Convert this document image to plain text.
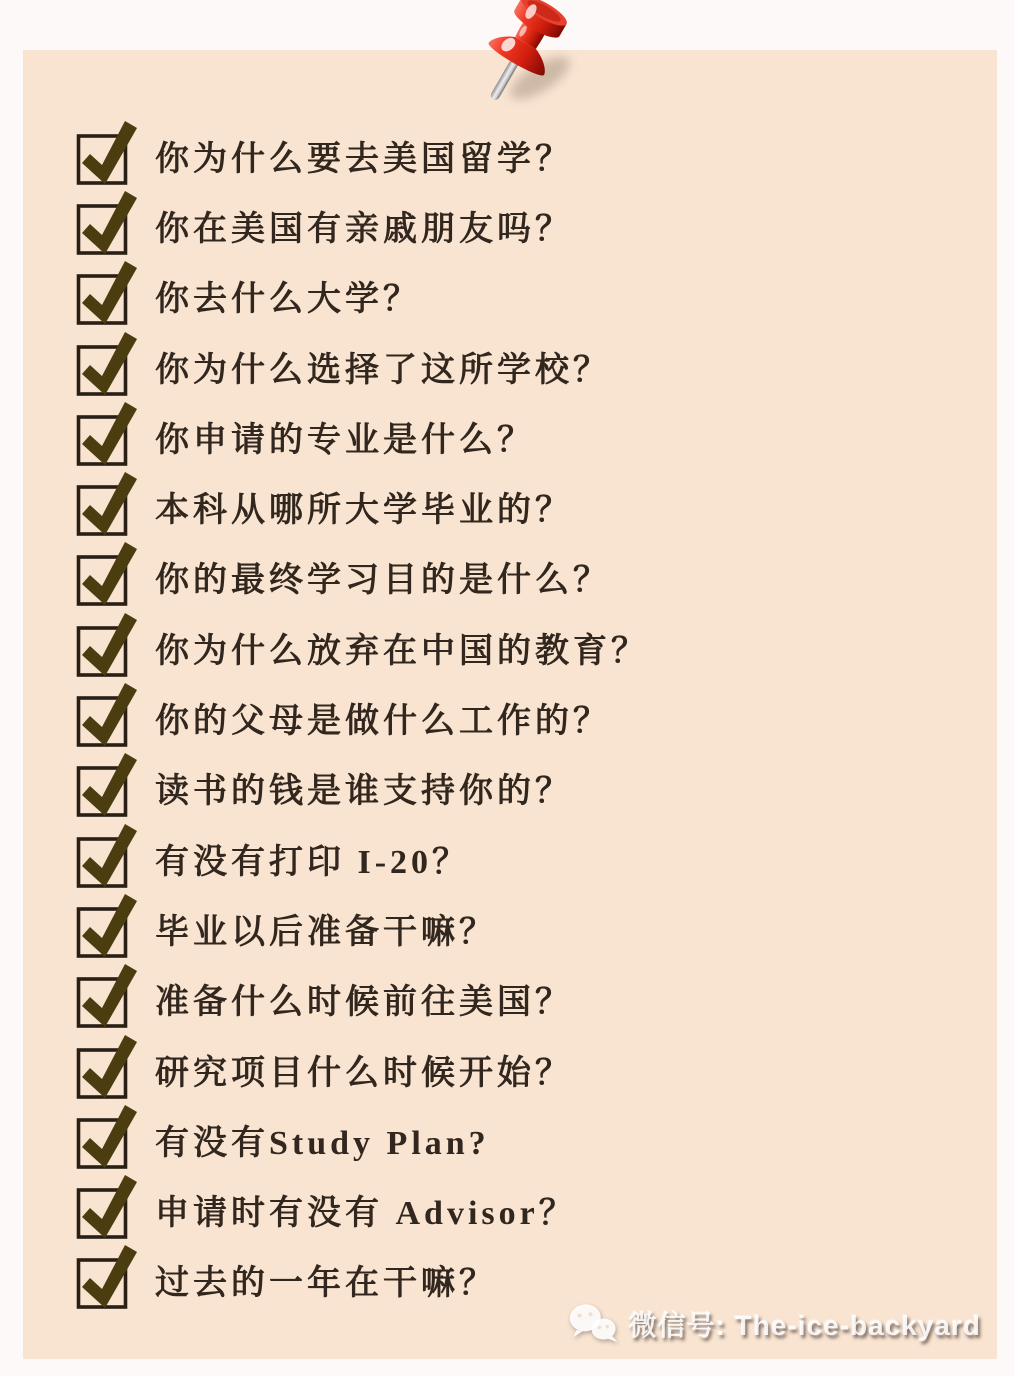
你为什么要去美国留学？
你在美国有亲戚朋友吗？
你去什么大学？
你为什么选择了这所学校？
你申请的专业是什么？
本科从哪所大学毕业的？
你的最终学习目的是什么？
你为什么放弃在中国的教育？
你的父母是做什么工作的？
读书的钱是谁支持你的？
有没有打印 I-20？
毕业以后准备干嘛？
准备什么时候前往美国？
研究项目什么时候开始？
有没有Study Plan?
申请时有没有 Advisor？
过去的一年在干嘛？
微信号: The-ice-backyard
